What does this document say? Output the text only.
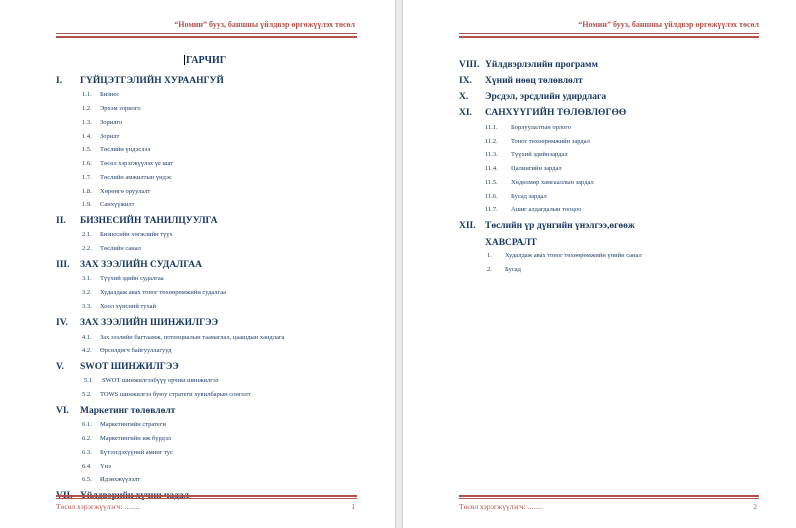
“Номин” бууз, баншны үйлдвэр өргөжүүлэх төсөл
ГАРЧИГ
I. ГҮЙЦЭТГЭЛИЙН ХУРААНГУЙ
1.1. Бизнес
1.2. Эрхэм зорилго
1.3. Зорилго
1.4. Зорилт
1.5. Төслийн үндэслэл
1.6. Төсөл хэрэгжүүлэх үе шат
1.7. Төслийн амжилтын үндэс
1.8. Хөрөнгө оруулалт
1.9. Санхүүжилт
II. БИЗНЕСИЙН ТАНИЛЦУУЛГА
2.1. Бизнесийн хөгжлийн түүх
2.2. Төслийн санал
III. ЗАХ ЗЭЭЛИЙН СУДАЛГАА
3.1. Түүхий эдийн судалгаа
3.2. Худалдаж авах тоног төхөөрөмжийн судалгаа
3.3. Хоол хүнсний тухай
IV. ЗАХ ЗЭЭЛИЙН ШИНЖИЛГЭЭ
4.1. Зах зээлийн багтаамж, потенциалын таамаглал, цаашдын хандлага
4.2. Өрсөлдөгч байгууллагууд
V. SWOT ШИНЖИЛГЭЭ
5.1 SWOT шинжилгээбүүү орчны шинжилгээ
5.2. TOWS шинжилгээ буюу стратеги хувилбарын сонголт
VI. Маркетинг төлөвлөлт
6.1. Маркетингийн стратеги
6.2. Маркетингийн иж бүрдэл
6.3. Бүтээгдэхүүний аминг тус
6.4. Үнэ
6.5. Идэвхжүүлэлт
Төсөл хэрэгжүүлэгч: ........	1
“Номин” бууз, баншны үйлдвэр өргөжүүлэх төсөл
VIII. Үйлдвэрлэлийн программ
IX. Хүний нөөц төлөвлөлт
X. Эрсдэл, эрсдлийн удирдлага
XI. САНХҮҮГИЙН ТӨЛӨВЛӨГӨӨ
11.1. Борлуулалтын орлого
11.2. Тоног төхөөрөмжийн зардал
11.3. Түүхий эдийнзардал
11.4. Цалингийн зардал
11.5. Хөдөлмөр хамгааллын зардал
11.6. Бусад зардал
11.7. Ашиг алдагдалын тооцоо
XII. Төслийн үр дүнгийн үнэлгээ,өгөөж
ХАВСРАЛТ
1. Худалдаж авах тоног төхөөрөмжийн үнийн санал
2. Бусад
Төсөл хэрэгжүүлэгч: ........	2
